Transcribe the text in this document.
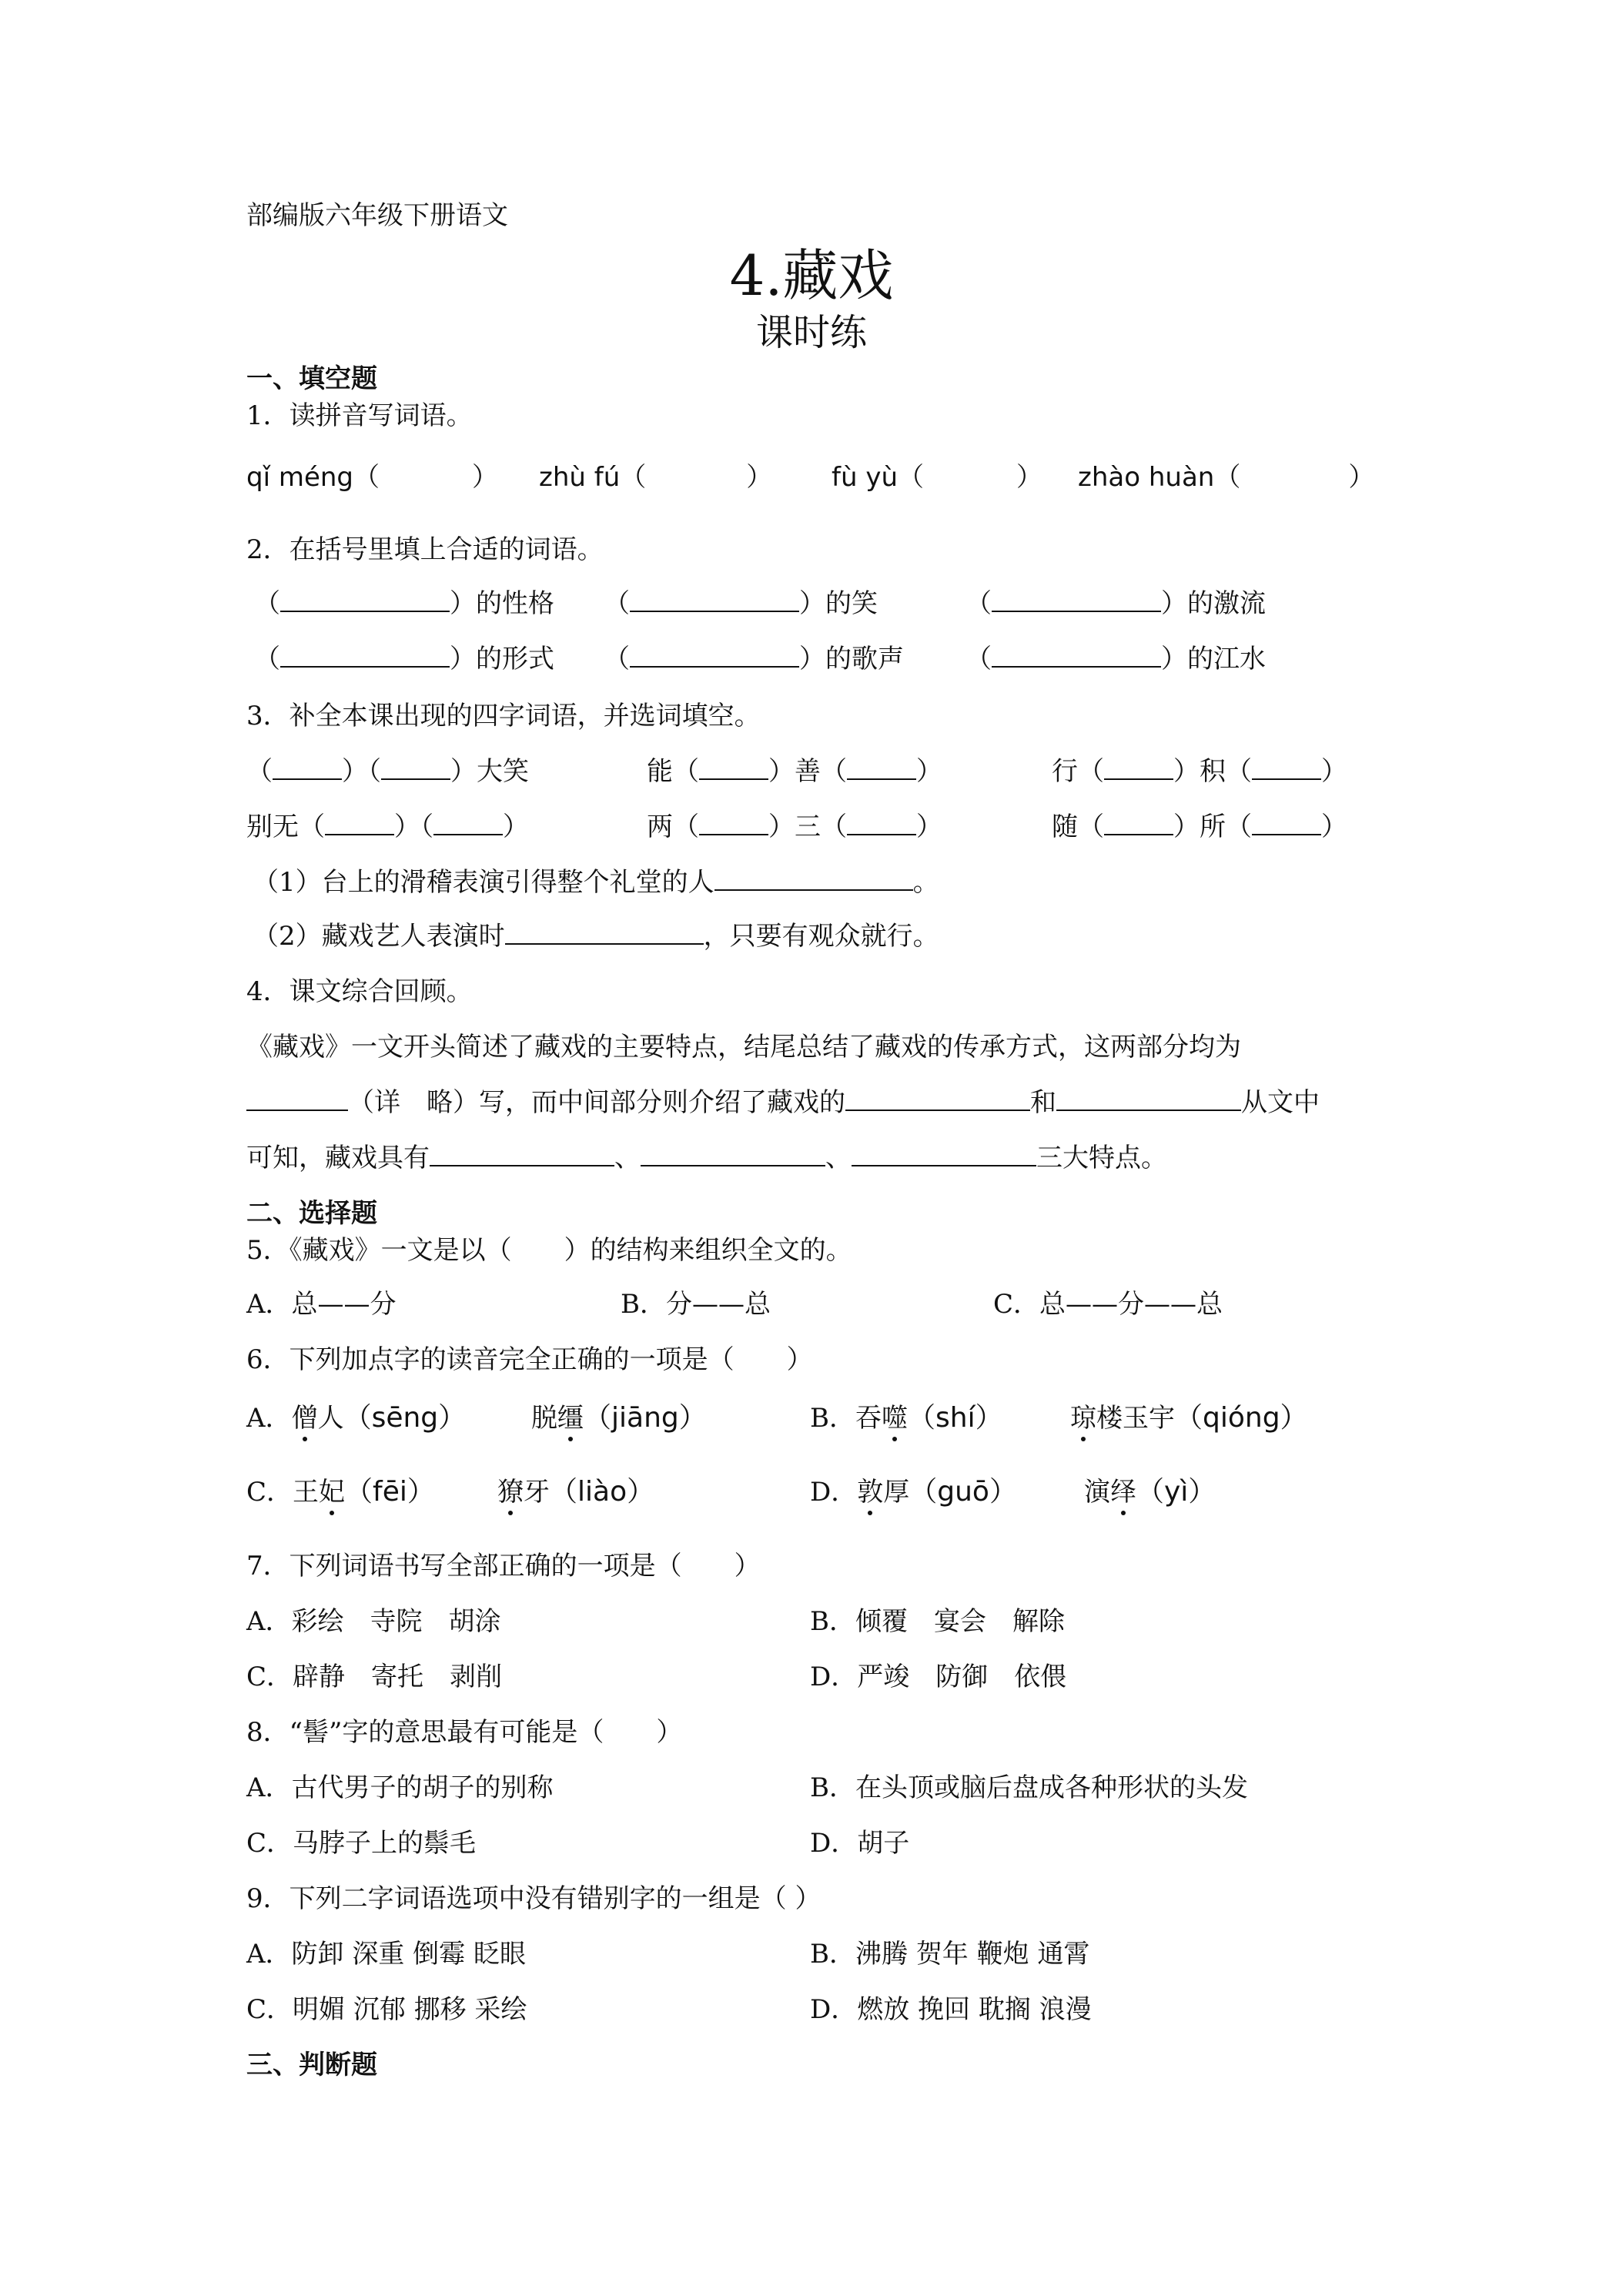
部编版六年级下册语文
4.藏戏
课时练
一、填空题
1．读拼音写词语。
qǐ méng（	） zhù fú（	） fù yù（	） zhào huàn（	）
2．在括号里填上合适的词语。
（	）的性格 （	）的笑	（	）的激流
（	）的形式 （	）的歌声 （	）的江水
3．补全本课出现的四字词语，并选词填空。
（	）（	）大笑	能（	）善（	）	行（	）积（	）
别无（	）（	）	两（	）三（	）	随（	）所（	）
（1）台上的滑稽表演引得整个礼堂的人	。
（2）藏戏艺人表演时	，只要有观众就行。
4．课文综合回顾。
《藏戏》一文开头简述了藏戏的主要特点，结尾总结了藏戏的传承方式，这两部分均为
（详　略）写，而中间部分则介绍了藏戏的	和	从文中
可知，藏戏具有	、	、	三大特点。
二、选择题
5．《藏戏》一文是以（　　）的结构来组织全文的。
A．总——分	B．分——总	C．总——分——总
6．下列加点字的读音完全正确的一项是（　　）
A．僧人（sēng） 脱缰（jiāng）	B．吞噬（shí）	琼楼玉宇（qióng）
C．王妃（fēi） 獠牙（liào）	D．敦厚（guō）	演绎（yì）
7．下列词语书写全部正确的一项是（　　）
A．彩绘　寺院　胡涂	B．倾覆　宴会　解除
C．辟静　寄托　剥削	D．严竣　防御　依偎
8．“髻”字的意思最有可能是（　　）
A．古代男子的胡子的别称	B．在头顶或脑后盘成各种形状的头发
C．马脖子上的鬃毛	D．胡子
9．下列二字词语选项中没有错别字的一组是（ ）
A．防卸 深重 倒霉 眨眼	B．沸腾 贺年 鞭炮 通霄
C．明媚 沉郁 挪移 采绘	D．燃放 挽回 耽搁 浪漫
三、判断题
